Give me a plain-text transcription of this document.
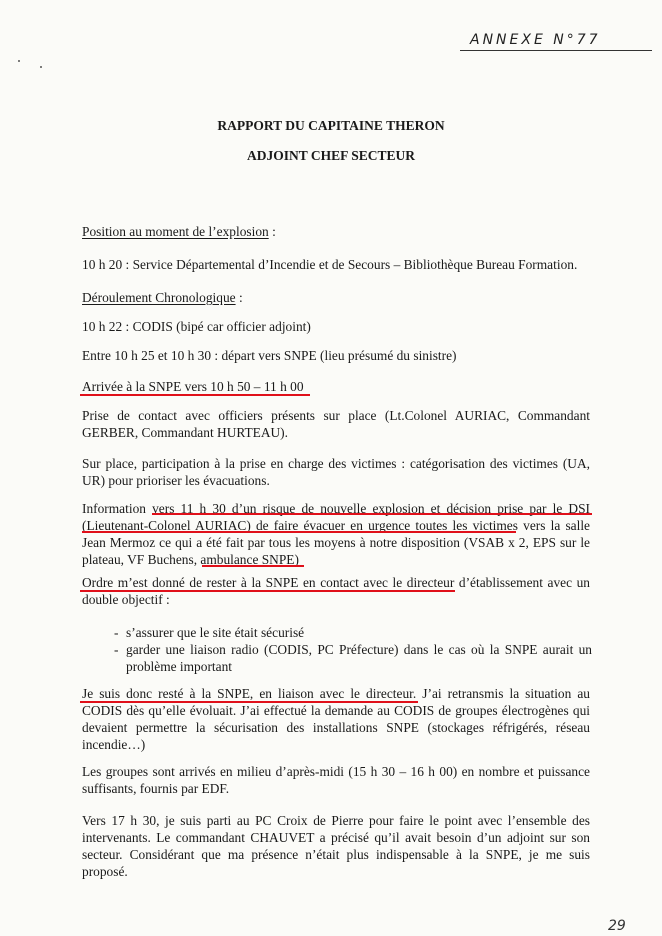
ANNEXE N°77
RAPPORT DU CAPITAINE THERON
ADJOINT CHEF SECTEUR
Position au moment de l’explosion :
10 h 20 : Service Départemental d’Incendie et de Secours – Bibliothèque Bureau Formation.
Déroulement Chronologique :
10 h 22 : CODIS (bipé car officier adjoint)
Entre 10 h 25 et 10 h 30 : départ vers SNPE (lieu présumé du sinistre)
Arrivée à la SNPE vers 10 h 50 – 11 h 00
Prise de contact avec officiers présents sur place (Lt.Colonel AURIAC, Commandant
GERBER, Commandant HURTEAU).
Sur place, participation à la prise en charge des victimes : catégorisation des victimes (UA,
UR) pour prioriser les évacuations.
Information vers 11 h 30 d’un risque de nouvelle explosion et décision prise par le DSI
(Lieutenant-Colonel AURIAC) de faire évacuer en urgence toutes les victimes vers la salle
Jean Mermoz ce qui a été fait par tous les moyens à notre disposition (VSAB x 2, EPS sur le
plateau, VF Buchens, ambulance SNPE)
Ordre m’est donné de rester à la SNPE en contact avec le directeur d’établissement avec un
double objectif :
- s’assurer que le site était sécurisé
- garder une liaison radio (CODIS, PC Préfecture) dans le cas où la SNPE aurait un
problème important
Je suis donc resté à la SNPE, en liaison avec le directeur. J’ai retransmis la situation au
CODIS dès qu’elle évoluait. J’ai effectué la demande au CODIS de groupes électrogènes qui
devaient permettre la sécurisation des installations SNPE (stockages réfrigérés, réseau
incendie…)
Les groupes sont arrivés en milieu d’après-midi (15 h 30 – 16 h 00) en nombre et puissance
suffisants, fournis par EDF.
Vers 17 h 30, je suis parti au PC Croix de Pierre pour faire le point avec l’ensemble des
intervenants. Le commandant CHAUVET a précisé qu’il avait besoin d’un adjoint sur son
secteur. Considérant que ma présence n’était plus indispensable à la SNPE, je me suis
proposé.
29
